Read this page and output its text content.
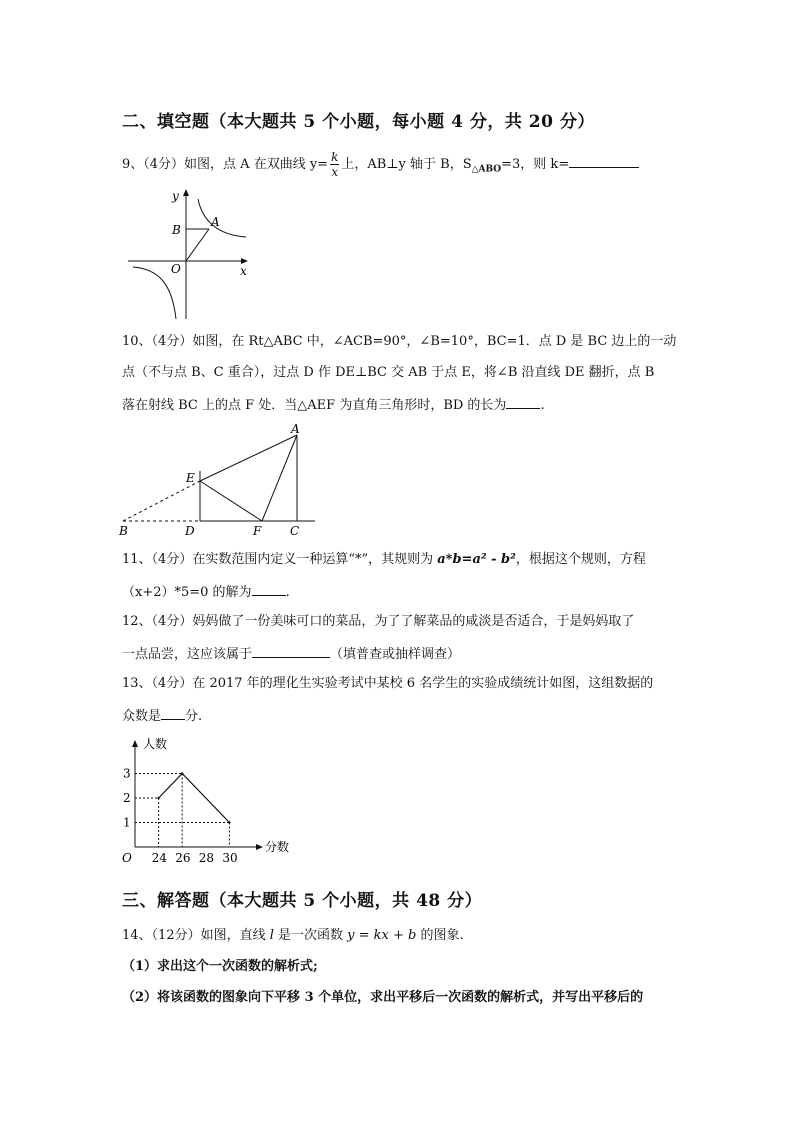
二、填空题（本大题共 5 个小题，每小题 4 分，共 20 分）
9、（4分）如图，点 A 在双曲线 $y= \frac{k}{x}$ 上，AB⊥y 轴于 B，$S_{\triangle ABO}=3$，则 k=
y
x
O
B
A
10、（4分）如图，在 Rt△ABC 中，∠ACB=90°，∠B=10°，BC=1．点 D 是 BC 边上的一动
点（不与点 B、C 重合），过点 D 作 DE⊥BC 交 AB 于点 E，将∠B 沿直线 DE 翻折，点 B
落在射线 BC 上的点 F 处．当△AEF 为直角三角形时，BD 的长为	.
A
E
B	D	F C
11、（4分）在实数范围内定义一种运算“*”，其规则为 a*b=a² - b²，根据这个规则，方程
（x+2）*5=0 的解为	.
12、（4分）妈妈做了一份美味可口的菜品，为了了解菜品的咸淡是否适合，于是妈妈取了
一点品尝，这应该属于	（填普查或抽样调查）
13、（4分）在 2017 年的理化生实验考试中某校 6 名学生的实验成绩统计如图，这组数据的
众数是 分.
人数
分数
O 24 26 28 30
1
2
3
三、解答题（本大题共 5 个小题，共 48 分）
14、（12分）如图，直线 l 是一次函数 y = kx + b 的图象.
（1）求出这个一次函数的解析式;
（2）将该函数的图象向下平移 3 个单位，求出平移后一次函数的解析式，并写出平移后的
